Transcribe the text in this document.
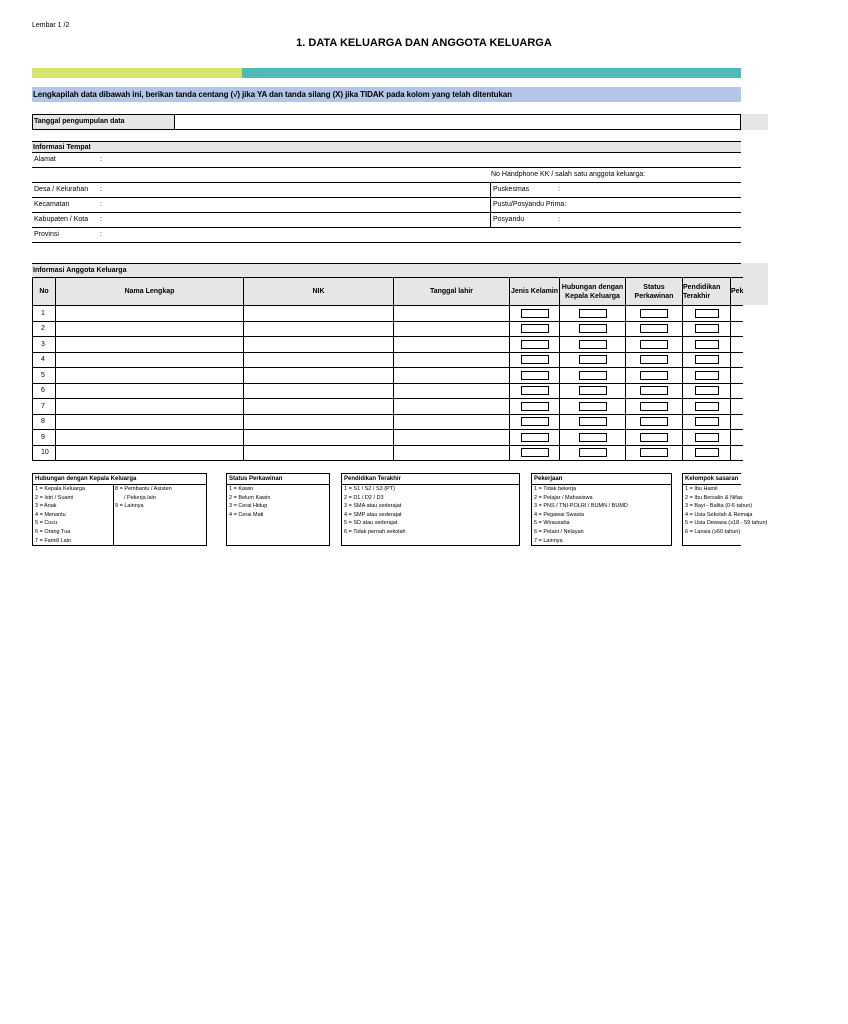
Lembar 1 /2
1. DATA KELUARGA DAN ANGGOTA KELUARGA
Lengkapilah data dibawah ini, berikan tanda centang (√) jika YA dan tanda silang (X) jika TIDAK pada kolom yang telah ditentukan
Tanggal pengumpulan data
Informasi Tempat
Alamat	:
No Handphone KK / salah satu anggota keluarga:
Desa / Kelurahan :	Puskesmas	:
Kecamatan	:	Pustu/Posyandu Prima:
Kabupaten / Kota :	Posyandu	:
Provinsi	:
Informasi Anggota Keluarga
No	Nama Lengkap	NIK	Tanggal lahir	Jenis Kelamin	Hubungan dengan Kepala Keluarga	Status Perkawinan	Pendidikan Terakhir	Pek
1				

2				

3				

4				

5				

6				

7				

8				

9				

10				

Hubungan dengan Kepala Keluarga
1 = Kepala Keluarga
2 = Istri / Suami
3 = Anak
4 = Menantu
5 = Cucu
6 = Orang Tua
7 = Famili Lain
8 = Pembantu / Asisten
/ Pekerja lain
9 = Lainnya
Status Perkawinan
1 = Kawin
2 = Belum Kawin
3 = Cerai Hidup
4 = Cerai Mati
Pendidikan Terakhir
1 = S1 / S2 / S3 (PT)
2 = D1 / D2 / D3
3 = SMA atau sederajat
4 = SMP atau sederajat
5 = SD atau sederajat
6 = Tidak pernah sekolah
Pekerjaan
1 = Tidak bekerja
2 = Pelajar / Mahasiswa
3 = PNS / TNI-POLRI / BUMN / BUMD
4 = Pegawai Swasta
5 = Wirausaha
6 = Petani / Nelayan
7 = Lainnya
Kelompok sasaran
1 = Ibu Hamil
2 = Ibu Bersalin & Nifas
3 = Bayi - Balita (0-6 tahun)
4 = Usia Sekolah & Remaja
5 = Usia Dewasa (≥18 - 59 tahun)
6 = Lansia (≥60 tahun)
